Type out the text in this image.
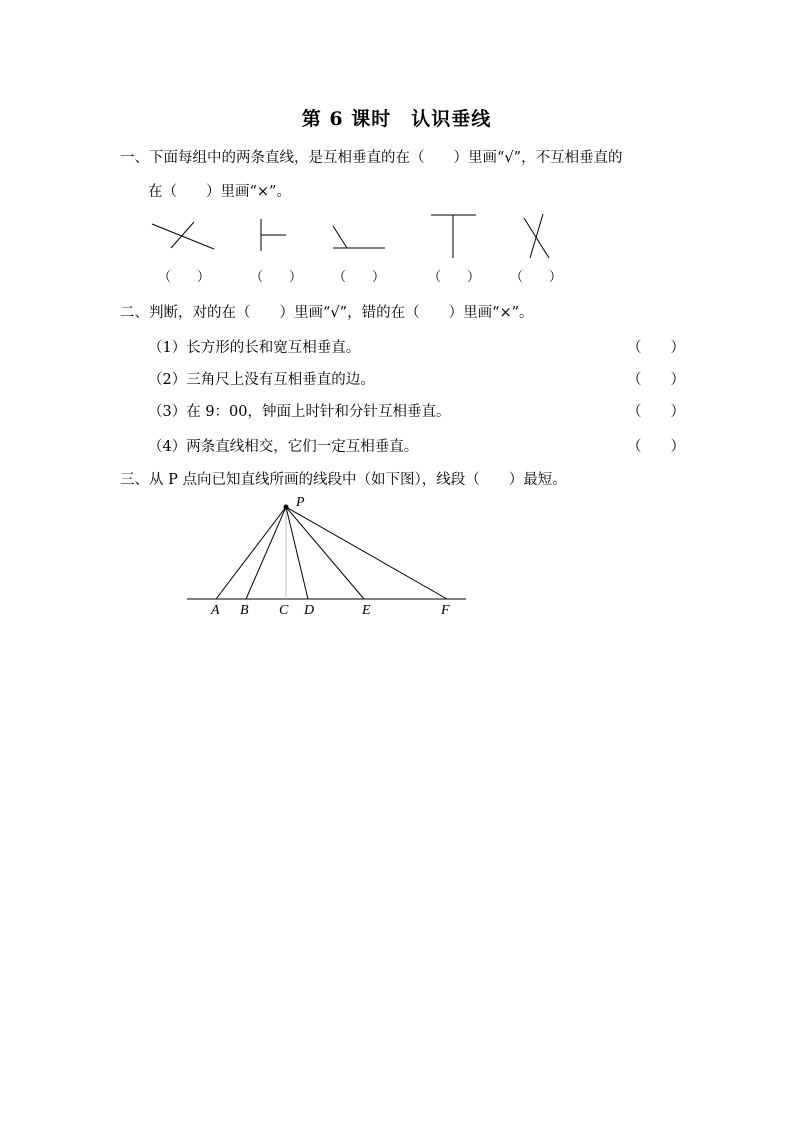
第 6 课时　认识垂线
一、下面每组中的两条直线，是互相垂直的在（　　）里画“√”，不互相垂直的
在（　　）里画“×”。
（　　）	（　　） （　　）	（　　） （　　）
二、判断，对的在（　　）里画“√”，错的在（　　）里画“×”。
（1）长方形的长和宽互相垂直。	（　　）
（2）三角尺上没有互相垂直的边。	（　　）
（3）在 9：00，钟面上时针和分针互相垂直。	（　　）
（4）两条直线相交，它们一定互相垂直。	（　　）
三、从 P 点向已知直线所画的线段中（如下图），线段（　　）最短。
P
A B C D	E	F
